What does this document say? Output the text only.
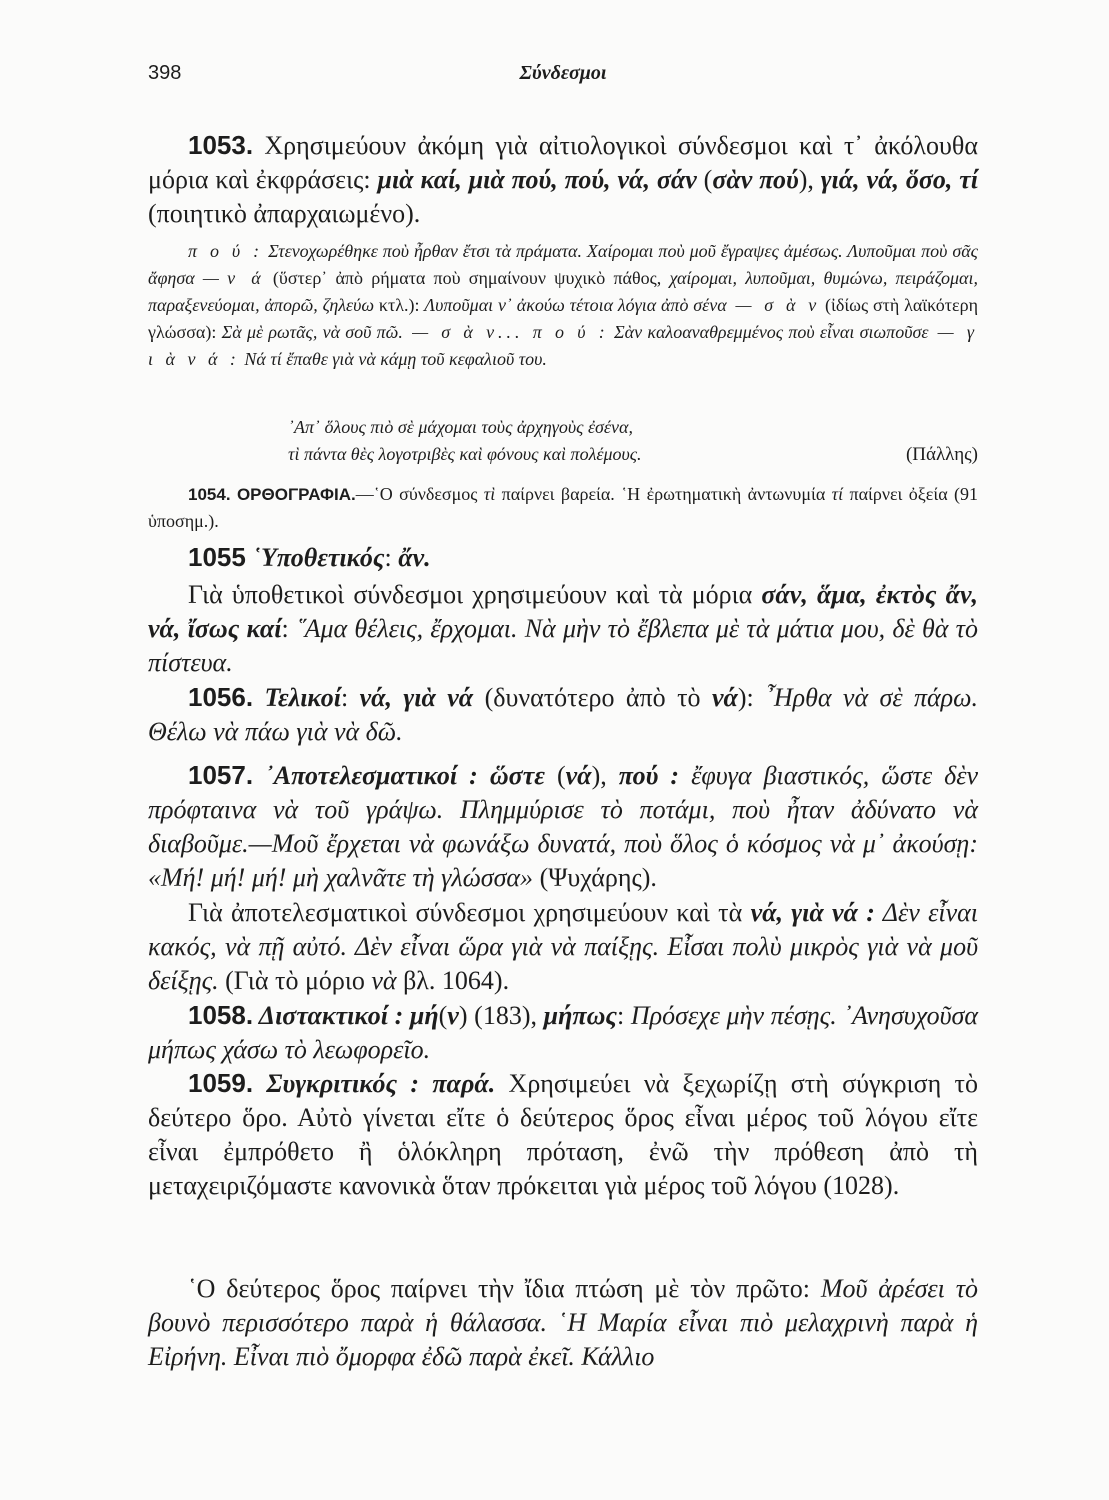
398	Σύνδεσμοι
1053. Χρησιμεύουν ἀκόμη γιὰ αἰτιολογικοὶ σύνδεσμοι καὶ τ᾿ ἀκόλουθα μόρια καὶ ἐκφράσεις: μιὰ καί, μιὰ πού, πού, νά, σάν (σὰν πού), γιά, νά, ὅσο, τί (ποιητικὸ ἀπαρχαιωμένο).
π ο ύ : Στενοχωρέθηκε ποὺ ἦρθαν ἔτσι τὰ πράματα. Χαίρομαι ποὺ μοῦ ἔγραψες ἀμέσως. Λυποῦμαι ποὺ σᾶς ἄφησα — ν ά (ὕστερ᾿ ἀπὸ ρήματα ποὺ σημαίνουν ψυχικὸ πάθος, χαίρομαι, λυποῦμαι, θυμώνω, πειράζομαι, παραξενεύομαι, ἀπορῶ, ζηλεύω κτλ.): Λυποῦμαι ν᾿ ἀκούω τέτοια λόγια ἀπὸ σένα — σ ὰ ν (ἰδίως στὴ λαϊκότερη γλώσσα): Σὰ μὲ ρωτᾶς, νὰ σοῦ πῶ. — σ ὰ ν... π ο ύ : Σὰν καλοαναθρεμμένος ποὺ εἶναι σιωποῦσε — γ ι ὰ ν ά : Νά τί ἔπαθε γιὰ νὰ κάμῃ τοῦ κεφαλιοῦ του.
᾿Απ᾿ ὅλους πιὸ σὲ μάχομαι τοὺς ἀρχηγοὺς ἐσένα,
τὶ πάντα θὲς λογοτριβὲς καὶ φόνους καὶ πολέμους.	(Πάλλης)
1054. ΟΡΘΟΓΡΑΦΙΑ.—῾Ο σύνδεσμος τὶ παίρνει βαρεία. ῾Η ἐρωτηματικὴ ἀντωνυμία τί παίρνει ὀξεία (91 ὑποσημ.).
1055 ῾Υποθετικός: ἄν.
Γιὰ ὑποθετικοὶ σύνδεσμοι χρησιμεύουν καὶ τὰ μόρια σάν, ἅμα, ἐκτὸς ἄν, νά, ἴσως καί: ῞Αμα θέλεις, ἔρχομαι. Νὰ μὴν τὸ ἔβλεπα μὲ τὰ μάτια μου, δὲ θὰ τὸ πίστευα.
1056. Τελικοί: νά, γιὰ νά (δυνατότερο ἀπὸ τὸ νά): ῏Ηρθα νὰ σὲ πάρω. Θέλω νὰ πάω γιὰ νὰ δῶ.
1057. ᾿Αποτελεσματικοί : ὥστε (νά), πού : ἔφυγα βιαστικός, ὥστε δὲν πρόφταινα νὰ τοῦ γράψω. Πλημμύρισε τὸ ποτάμι, ποὺ ἦταν ἀδύνατο νὰ διαβοῦμε.—Μοῦ ἔρχεται νὰ φωνάξω δυνατά, ποὺ ὅλος ὁ κόσμος νὰ μ᾿ ἀκούσῃ: «Μή! μή! μή! μὴ χαλνᾶτε τὴ γλώσσα» (Ψυχάρης).
Γιὰ ἀποτελεσματικοὶ σύνδεσμοι χρησιμεύουν καὶ τὰ νά, γιὰ νά : Δὲν εἶναι κακός, νὰ πῇ αὐτό. Δὲν εἶναι ὥρα γιὰ νὰ παίξῃς. Εἶσαι πολὺ μικρὸς γιὰ νὰ μοῦ δείξῃς. (Γιὰ τὸ μόριο νὰ βλ. 1064).
1058. Διστακτικοί : μή(ν) (183), μήπως: Πρόσεχε μὴν πέσῃς. ᾿Ανησυχοῦσα μήπως χάσω τὸ λεωφορεῖο.
1059. Συγκριτικός : παρά. Χρησιμεύει νὰ ξεχωρίζῃ στὴ σύγκριση τὸ δεύτερο ὅρο. Αὐτὸ γίνεται εἴτε ὁ δεύτερος ὅρος εἶναι μέρος τοῦ λόγου εἴτε εἶναι ἐμπρόθετο ἢ ὁλόκληρη πρόταση, ἐνῶ τὴν πρόθεση ἀπὸ τὴ μεταχειριζόμαστε κανονικὰ ὅταν πρόκειται γιὰ μέρος τοῦ λόγου (1028).
῾Ο δεύτερος ὅρος παίρνει τὴν ἴδια πτώση μὲ τὸν πρῶτο: Μοῦ ἀρέσει τὸ βουνὸ περισσότερο παρὰ ἡ θάλασσα. ῾Η Μαρία εἶναι πιὸ μελαχρινὴ παρὰ ἡ Εἰρήνη. Εἶναι πιὸ ὄμορφα ἐδῶ παρὰ ἐκεῖ. Κάλλιο
